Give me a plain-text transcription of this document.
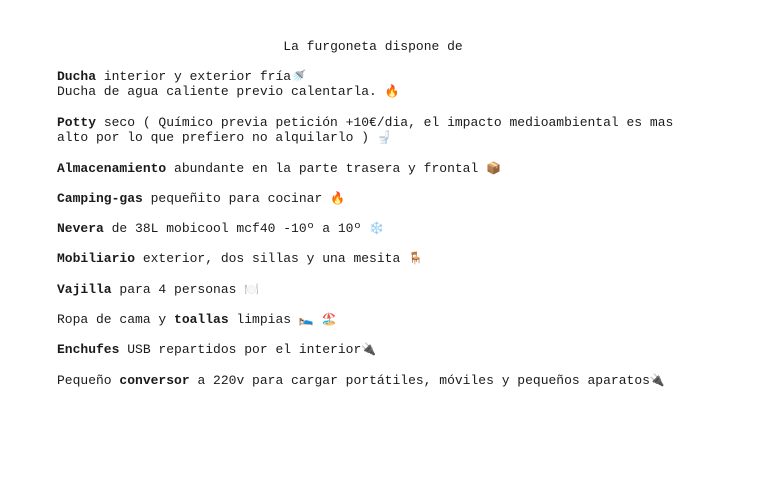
La furgoneta dispone de
Ducha interior y exterior fría🚿
Ducha de agua caliente previo calentarla. 🔥
Potty seco ( Químico previa petición +10€/dia, el impacto medioambiental es mas
alto por lo que prefiero no alquilarlo ) 🚽
Almacenamiento abundante en la parte trasera y frontal 📦
Camping-gas pequeñito para cocinar 🔥
Nevera de 38L mobicool mcf40 -10º a 10º ❄️
Mobiliario exterior, dos sillas y una mesita 🪑
Vajilla para 4 personas 🍽️
Ropa de cama y toallas limpias 🛌 🏖️
Enchufes USB repartidos por el interior🔌
Pequeño conversor a 220v para cargar portátiles, móviles y pequeños aparatos🔌
